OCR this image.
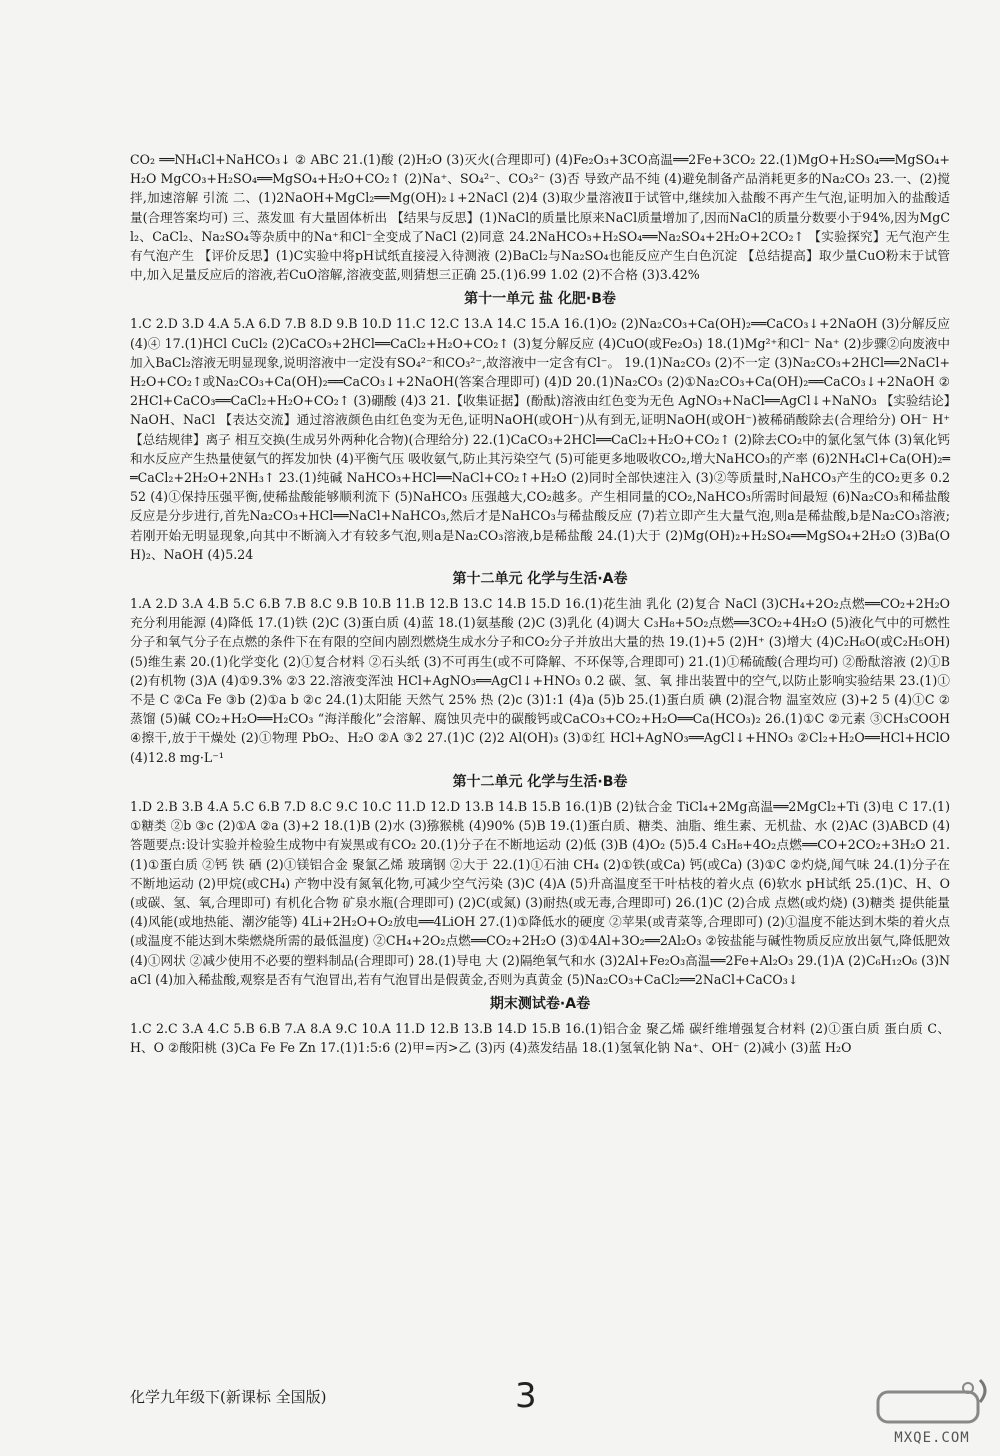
CO₂ ══NH₄Cl+NaHCO₃↓ ② ABC 21.(1)酸 (2)H₂O (3)灭火(合理即可) (4)Fe₂O₃+3CO高温══2Fe+3CO₂ 22.(1)MgO+H₂SO₄══MgSO₄+H₂O MgCO₃+H₂SO₄══MgSO₄+H₂O+CO₂↑ (2)Na⁺、SO₄²⁻、CO₃²⁻ (3)否 导致产品不纯 (4)避免制备产品消耗更多的Na₂CO₃ 23.一、(2)搅拌,加速溶解 引流 二、(1)2NaOH+MgCl₂══Mg(OH)₂↓+2NaCl (2)4 (3)取少量溶液Ⅱ于试管中,继续加入盐酸不再产生气泡,证明加入的盐酸适量(合理答案均可) 三、蒸发皿 有大量固体析出 【结果与反思】(1)NaCl的质量比原来NaCl质量增加了,因而NaCl的质量分数要小于94%,因为MgCl₂、CaCl₂、Na₂SO₄等杂质中的Na⁺和Cl⁻全变成了NaCl (2)同意 24.2NaHCO₃+H₂SO₄══Na₂SO₄+2H₂O+2CO₂↑ 【实验探究】无气泡产生 有气泡产生 【评价反思】(1)C实验中将pH试纸直接浸入待测液 (2)BaCl₂与Na₂SO₄也能反应产生白色沉淀 【总结提高】取少量CuO粉末于试管中,加入足量反应后的溶液,若CuO溶解,溶液变蓝,则猜想三正确 25.(1)6.99 1.02 (2)不合格 (3)3.42%

第十一单元 盐 化肥·B卷

1.C 2.D 3.D 4.A 5.A 6.D 7.B 8.D 9.B 10.D 11.C 12.C 13.A 14.C 15.A 16.(1)O₂ (2)Na₂CO₃+Ca(OH)₂══CaCO₃↓+2NaOH (3)分解反应 (4)④ 17.(1)HCl CuCl₂ (2)CaCO₃+2HCl══CaCl₂+H₂O+CO₂↑ (3)复分解反应 (4)CuO(或Fe₂O₃) 18.(1)Mg²⁺和Cl⁻ Na⁺ (2)步骤②向废液中加入BaCl₂溶液无明显现象,说明溶液中一定没有SO₄²⁻和CO₃²⁻,故溶液中一定含有Cl⁻。 19.(1)Na₂CO₃ (2)不一定 (3)Na₂CO₃+2HCl══2NaCl+H₂O+CO₂↑或Na₂CO₃+Ca(OH)₂══CaCO₃↓+2NaOH(答案合理即可) (4)D 20.(1)Na₂CO₃ (2)①Na₂CO₃+Ca(OH)₂══CaCO₃↓+2NaOH ②2HCl+CaCO₃══CaCl₂+H₂O+CO₂↑ (3)硼酸 (4)3 21.【收集证据】(酚酞)溶液由红色变为无色 AgNO₃+NaCl══AgCl↓+NaNO₃ 【实验结论】NaOH、NaCl 【表达交流】通过溶液颜色由红色变为无色,证明NaOH(或OH⁻)从有到无,证明NaOH(或OH⁻)被稀硝酸除去(合理给分) OH⁻ H⁺ 【总结规律】离子 相互交换(生成另外两种化合物)(合理给分) 22.(1)CaCO₃+2HCl══CaCl₂+H₂O+CO₂↑ (2)除去CO₂中的氯化氢气体 (3)氧化钙和水反应产生热量使氨气的挥发加快 (4)平衡气压 吸收氨气,防止其污染空气 (5)可能更多地吸收CO₂,增大NaHCO₃的产率 (6)2NH₄Cl+Ca(OH)₂══CaCl₂+2H₂O+2NH₃↑ 23.(1)纯碱 NaHCO₃+HCl══NaCl+CO₂↑+H₂O (2)同时全部快速注入 (3)②等质量时,NaHCO₃产生的CO₂更多 0.252 (4)①保持压强平衡,使稀盐酸能够顺利流下 (5)NaHCO₃ 压强越大,CO₂越多。产生相同量的CO₂,NaHCO₃所需时间最短 (6)Na₂CO₃和稀盐酸反应是分步进行,首先Na₂CO₃+HCl══NaCl+NaHCO₃,然后才是NaHCO₃与稀盐酸反应 (7)若立即产生大量气泡,则a是稀盐酸,b是Na₂CO₃溶液;若刚开始无明显现象,向其中不断滴入才有较多气泡,则a是Na₂CO₃溶液,b是稀盐酸 24.(1)大于 (2)Mg(OH)₂+H₂SO₄══MgSO₄+2H₂O (3)Ba(OH)₂、NaOH (4)5.24

第十二单元 化学与生活·A卷

1.A 2.D 3.A 4.B 5.C 6.B 7.B 8.C 9.B 10.B 11.B 12.B 13.C 14.B 15.D 16.(1)花生油 乳化 (2)复合 NaCl (3)CH₄+2O₂点燃══CO₂+2H₂O 充分利用能源 (4)降低 17.(1)铁 (2)C (3)蛋白质 (4)蓝 18.(1)氨基酸 (2)C (3)乳化 (4)调大 C₃H₈+5O₂点燃══3CO₂+4H₂O (5)液化气中的可燃性分子和氧气分子在点燃的条件下在有限的空间内剧烈燃烧生成水分子和CO₂分子并放出大量的热 19.(1)+5 (2)H⁺ (3)增大 (4)C₂H₆O(或C₂H₅OH) (5)维生素 20.(1)化学变化 (2)①复合材料 ②石头纸 (3)不可再生(或不可降解、不环保等,合理即可) 21.(1)①稀硫酸(合理均可) ②酚酞溶液 (2)①B (2)有机物 (3)A (4)①9.3% ②3 22.溶液变浑浊 HCl+AgNO₃══AgCl↓+HNO₃ 0.2 碳、氢、氧 排出装置中的空气,以防止影响实验结果 23.(1)①不是 C ②Ca Fe ③b (2)①a b ②c 24.(1)太阳能 天然气 25% 热 (2)c (3)1:1 (4)a (5)b 25.(1)蛋白质 碘 (2)混合物 温室效应 (3)+2 5 (4)①C ②蒸馏 (5)碱 CO₂+H₂O══H₂CO₃ “海洋酸化”会溶解、腐蚀贝壳中的碳酸钙或CaCO₃+CO₂+H₂O══Ca(HCO₃)₂ 26.(1)①C ②元素 ③CH₃COOH ④擦干,放于干燥处 (2)①物理 PbO₂、H₂O ②A ③2 27.(1)C (2)2 Al(OH)₃ (3)①红 HCl+AgNO₃══AgCl↓+HNO₃ ②Cl₂+H₂O══HCl+HClO (4)12.8 mg·L⁻¹

第十二单元 化学与生活·B卷

1.D 2.B 3.B 4.A 5.C 6.B 7.D 8.C 9.C 10.C 11.D 12.D 13.B 14.B 15.B 16.(1)B (2)钛合金 TiCl₄+2Mg高温══2MgCl₂+Ti (3)电 C 17.(1)①糖类 ②b ③c (2)①A ②a (3)+2 18.(1)B (2)水 (3)猕猴桃 (4)90% (5)B 19.(1)蛋白质、糖类、油脂、维生素、无机盐、水 (2)AC (3)ABCD (4)答题要点:设计实验并检验生成物中有炭黑或有CO₂ 20.(1)分子在不断地运动 (2)低 (3)B (4)O₂ (5)5.4 C₃H₈+4O₂点燃══CO+2CO₂+3H₂O 21.(1)①蛋白质 ②钙 铁 硒 (2)①镁铝合金 聚氯乙烯 玻璃钢 ②大于 22.(1)①石油 CH₄ (2)①铁(或Ca) 钙(或Ca) (3)①C ②灼烧,闻气味 24.(1)分子在不断地运动 (2)甲烷(或CH₄) 产物中没有氮氧化物,可减少空气污染 (3)C (4)A (5)升高温度至干叶枯枝的着火点 (6)软水 pH试纸 25.(1)C、H、O(或碳、氢、氧,合理即可) 有机化合物 矿泉水瓶(合理即可) (2)C(或氮) (3)耐热(或无毒,合理即可) 26.(1)C (2)合成 点燃(或灼烧) (3)糖类 提供能量 (4)风能(或地热能、潮汐能等) 4Li+2H₂O+O₂放电══4LiOH 27.(1)①降低水的硬度 ②苹果(或青菜等,合理即可) (2)①温度不能达到木柴的着火点(或温度不能达到木柴燃烧所需的最低温度) ②CH₄+2O₂点燃══CO₂+2H₂O (3)①4Al+3O₂══2Al₂O₃ ②铵盐能与碱性物质反应放出氨气,降低肥效 (4)①网状 ②减少使用不必要的塑料制品(合理即可) 28.(1)导电 大 (2)隔绝氧气和水 (3)2Al+Fe₂O₃高温══2Fe+Al₂O₃ 29.(1)A (2)C₆H₁₂O₆ (3)NaCl (4)加入稀盐酸,观察是否有气泡冒出,若有气泡冒出是假黄金,否则为真黄金 (5)Na₂CO₃+CaCl₂══2NaCl+CaCO₃↓

期末测试卷·A卷

1.C 2.C 3.A 4.C 5.B 6.B 7.A 8.A 9.C 10.A 11.D 12.B 13.B 14.D 15.B 16.(1)铝合金 聚乙烯 碳纤维增强复合材料 (2)①蛋白质 蛋白质 C、H、O ②酸阳桃 (3)Ca Fe Fe Zn 17.(1)1:5:6 (2)甲=丙>乙 (3)丙 (4)蒸发结晶 18.(1)氢氧化钠 Na⁺、OH⁻ (2)减小 (3)蓝 H₂O

化学九年级下(新课标 全国版)	3
MXQE.COM
